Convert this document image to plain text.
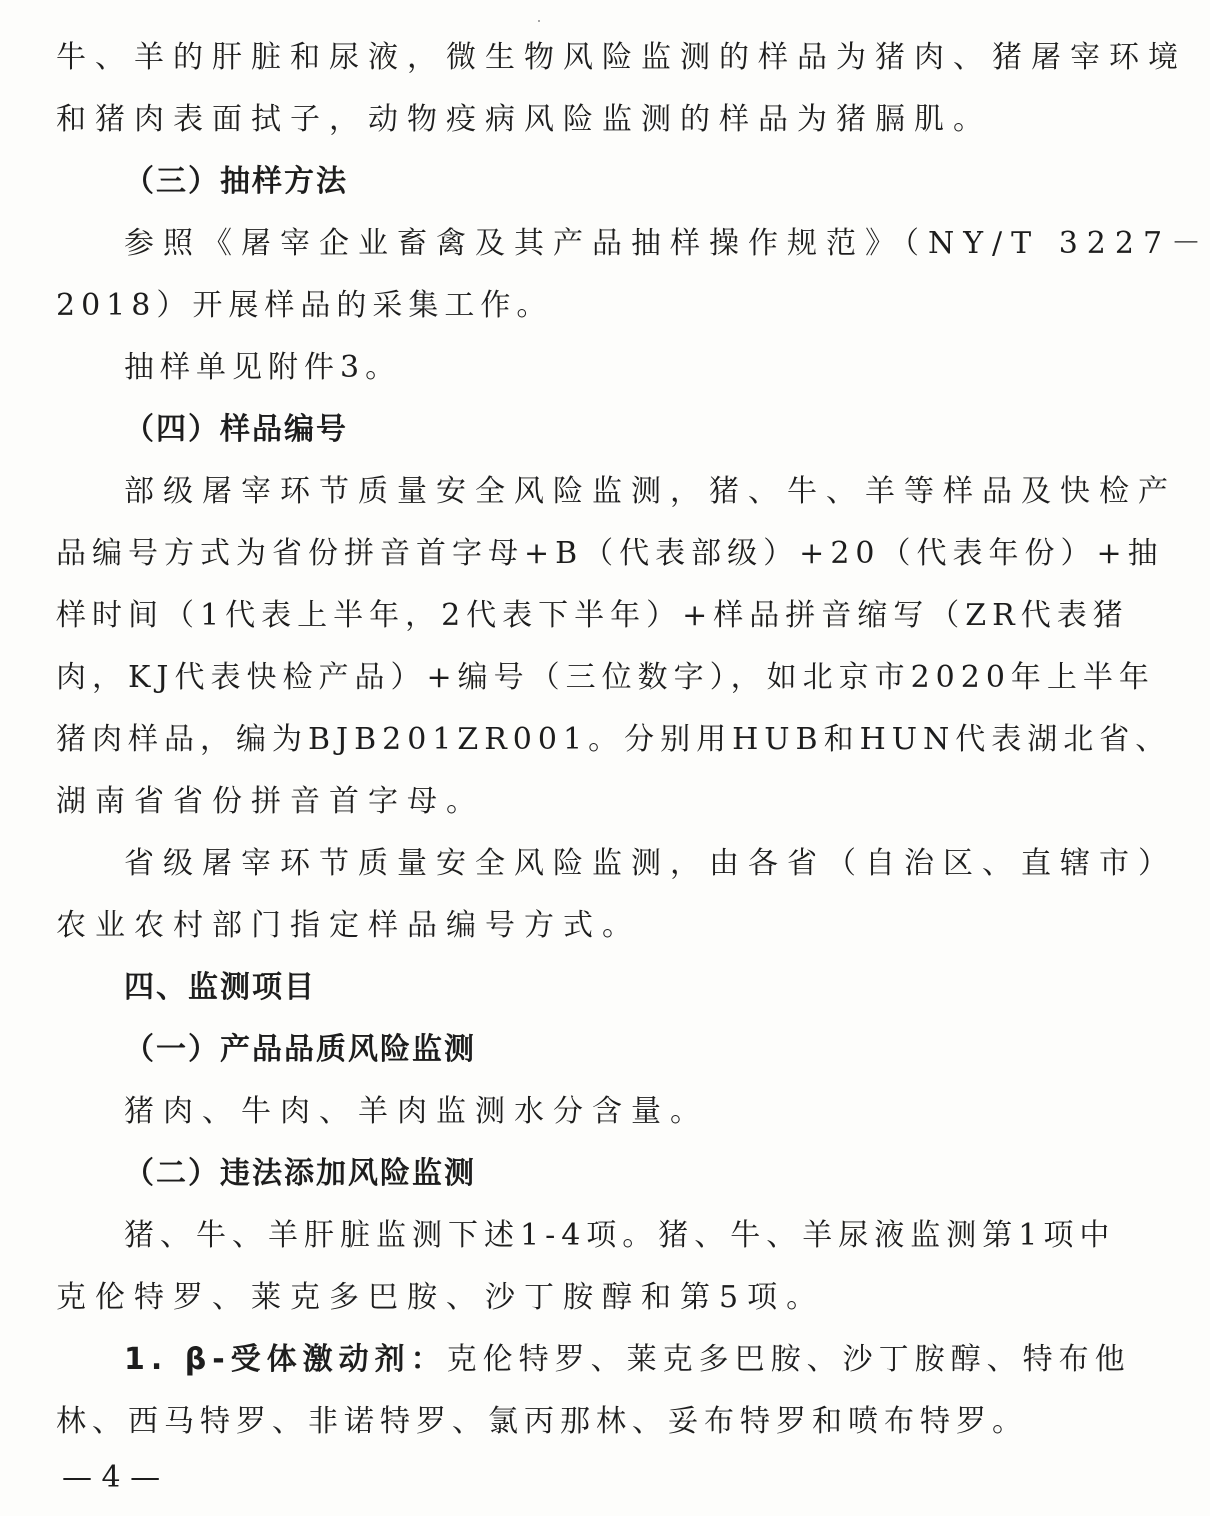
牛、羊的肝脏和尿液，微生物风险监测的样品为猪肉、猪屠宰环境
和猪肉表面拭子，动物疫病风险监测的样品为猪膈肌。
（三）抽样方法
参照《屠宰企业畜禽及其产品抽样操作规范》（NY/T 3227－
2018）开展样品的采集工作。
抽样单见附件3。
（四）样品编号
部级屠宰环节质量安全风险监测，猪、牛、羊等样品及快检产
品编号方式为省份拼音首字母+B（代表部级）+20（代表年份）+抽
样时间（1代表上半年，2代表下半年）+样品拼音缩写（ZR代表猪
肉，KJ代表快检产品）+编号（三位数字），如北京市2020年上半年
猪肉样品，编为BJB201ZR001。分别用HUB和HUN代表湖北省、
湖南省省份拼音首字母。
省级屠宰环节质量安全风险监测，由各省（自治区、直辖市）
农业农村部门指定样品编号方式。
四、监测项目
（一）产品品质风险监测
猪肉、牛肉、羊肉监测水分含量。
（二）违法添加风险监测
猪、牛、羊肝脏监测下述1-4项。猪、牛、羊尿液监测第1项中
克伦特罗、莱克多巴胺、沙丁胺醇和第5项。
1. β-受体激动剂：克伦特罗、莱克多巴胺、沙丁胺醇、特布他
林、西马特罗、非诺特罗、氯丙那林、妥布特罗和喷布特罗。
— 4 —
